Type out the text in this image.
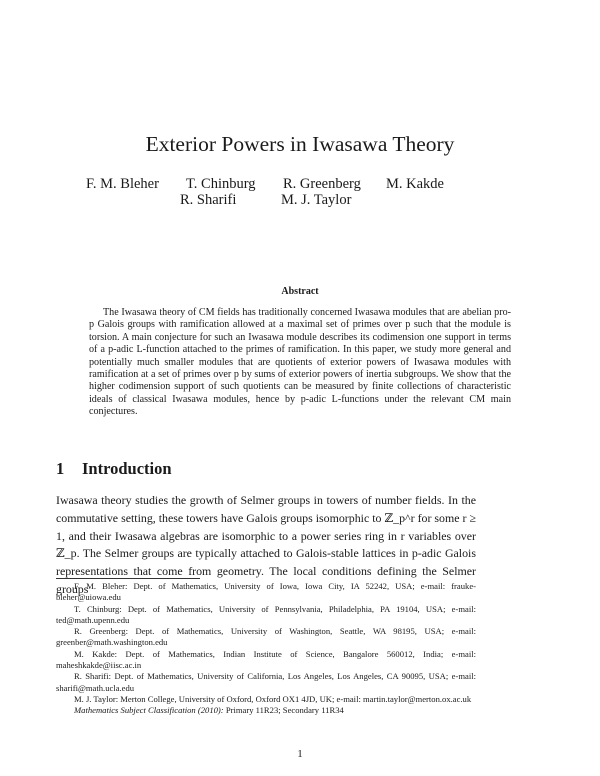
Exterior Powers in Iwasawa Theory
F. M. Bleher T. Chinburg R. Greenberg M. Kakde
R. Sharifi	M. J. Taylor
Abstract

The Iwasawa theory of CM fields has traditionally concerned Iwasawa modules that are abelian pro-p Galois groups with ramification allowed at a maximal set of primes over p such that the module is torsion. A main conjecture for such an Iwasawa module describes its codimension one support in terms of a p-adic L-function attached to the primes of ramification. In this paper, we study more general and potentially much smaller modules that are quotients of exterior powers of Iwasawa modules with ramification at a set of primes over p by sums of exterior powers of inertia subgroups. We show that the higher codimension support of such quotients can be measured by finite collections of characteristic ideals of classical Iwasawa modules, hence by p-adic L-functions under the relevant CM main conjectures.

1 Introduction

Iwasawa theory studies the growth of Selmer groups in towers of number fields. In the commutative setting, these towers have Galois groups isomorphic to ℤ_p^r for some r ≥ 1, and their Iwasawa algebras are isomorphic to a power series ring in r variables over ℤ_p. The Selmer groups are typically attached to Galois-stable lattices in p-adic Galois representations that come from geometry. The local conditions defining the Selmer groups

F. M. Bleher: Dept. of Mathematics, University of Iowa, Iowa City, IA 52242, USA; e-mail: frauke-bleher@uiowa.edu

T. Chinburg: Dept. of Mathematics, University of Pennsylvania, Philadelphia, PA 19104, USA; e-mail: ted@math.upenn.edu

R. Greenberg: Dept. of Mathematics, University of Washington, Seattle, WA 98195, USA; e-mail: greenber@math.washington.edu

M. Kakde: Dept. of Mathematics, Indian Institute of Science, Bangalore 560012, India; e-mail: maheshkakde@iisc.ac.in

R. Sharifi: Dept. of Mathematics, University of California, Los Angeles, Los Angeles, CA 90095, USA; e-mail: sharifi@math.ucla.edu

M. J. Taylor: Merton College, University of Oxford, Oxford OX1 4JD, UK; e-mail: martin.taylor@merton.ox.ac.uk

Mathematics Subject Classification (2010): Primary 11R23; Secondary 11R34

1
